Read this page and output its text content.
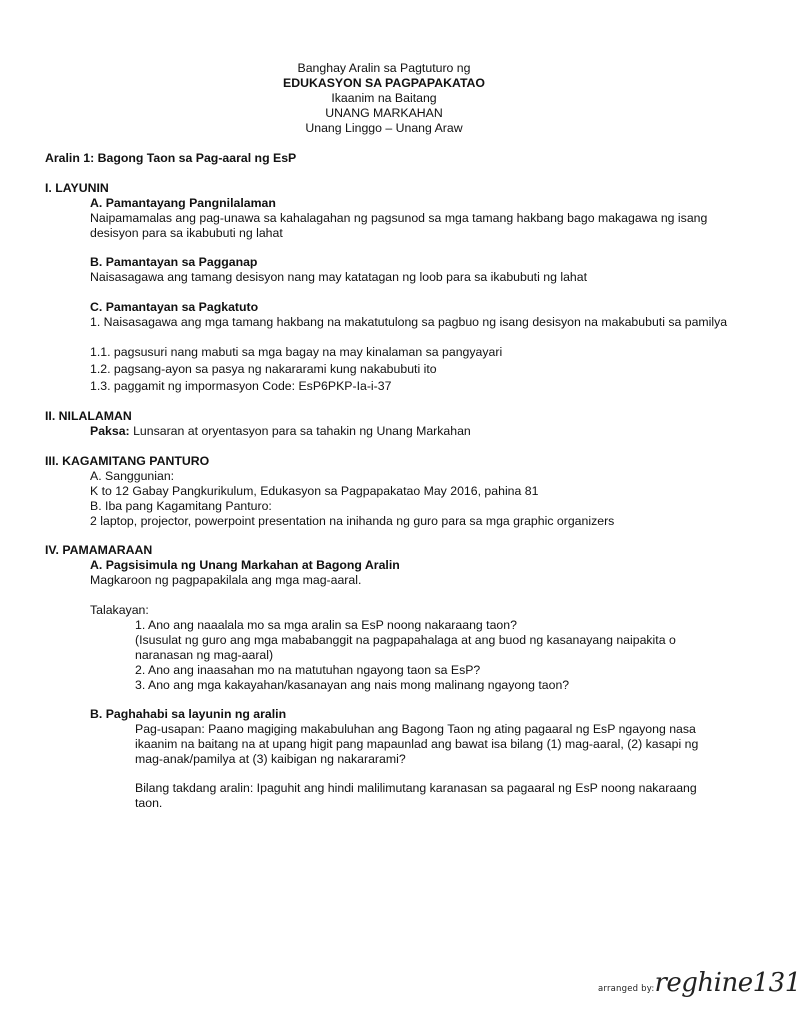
Banghay Aralin sa Pagtuturo ng
EDUKASYON SA PAGPAPAKATAO
Ikaanim na Baitang
UNANG MARKAHAN
Unang Linggo – Unang Araw
Aralin 1: Bagong Taon sa Pag-aaral ng EsP
I. LAYUNIN
A. Pamantayang Pangnilalaman
Naipamamalas ang pag-unawa sa kahalagahan ng pagsunod sa mga tamang hakbang bago makagawa ng isang desisyon para sa ikabubuti ng lahat
B. Pamantayan sa Pagganap
Naisasagawa ang tamang desisyon nang may katatagan ng loob para sa ikabubuti ng lahat
C. Pamantayan sa Pagkatuto
1. Naisasagawa ang mga tamang hakbang na makatutulong sa pagbuo ng isang desisyon na makabubuti sa pamilya
1.1. pagsusuri nang mabuti sa mga bagay na may kinalaman sa pangyayari
1.2. pagsang-ayon sa pasya ng nakararami kung nakabubuti ito
1.3. paggamit ng impormasyon Code: EsP6PKP-Ia-i-37
II. NILALAMAN
Paksa: Lunsaran at oryentasyon para sa tahakin ng Unang Markahan
III. KAGAMITANG PANTURO
A. Sanggunian:
K to 12 Gabay Pangkurikulum, Edukasyon sa Pagpapakatao May 2016, pahina 81
B. Iba pang Kagamitang Panturo:
2 laptop, projector, powerpoint presentation na inihanda ng guro para sa mga graphic organizers
IV. PAMAMARAAN
A. Pagsisimula ng Unang Markahan at Bagong Aralin
Magkaroon ng pagpapakilala ang mga mag-aaral.
Talakayan:
1. Ano ang naaalala mo sa mga aralin sa EsP noong nakaraang taon?
(Isusulat ng guro ang mga mababanggit na pagpapahalaga at ang buod ng kasanayang naipakita o naranasan ng mag-aaral)
2. Ano ang inaasahan mo na matutuhan ngayong taon sa EsP?
3. Ano ang mga kakayahan/kasanayan ang nais mong malinang ngayong taon?
B. Paghahabi sa layunin ng aralin
Pag-usapan: Paano magiging makabuluhan ang Bagong Taon ng ating pagaaral ng EsP ngayong nasa ikaanim na baitang na at upang higit pang mapaunlad ang bawat isa bilang (1) mag-aaral, (2) kasapi ng mag-anak/pamilya at (3) kaibigan ng nakararami?
Bilang takdang aralin: Ipaguhit ang hindi malilimutang karanasan sa pagaaral ng EsP noong nakaraang taon.
arranged by:reghine131
